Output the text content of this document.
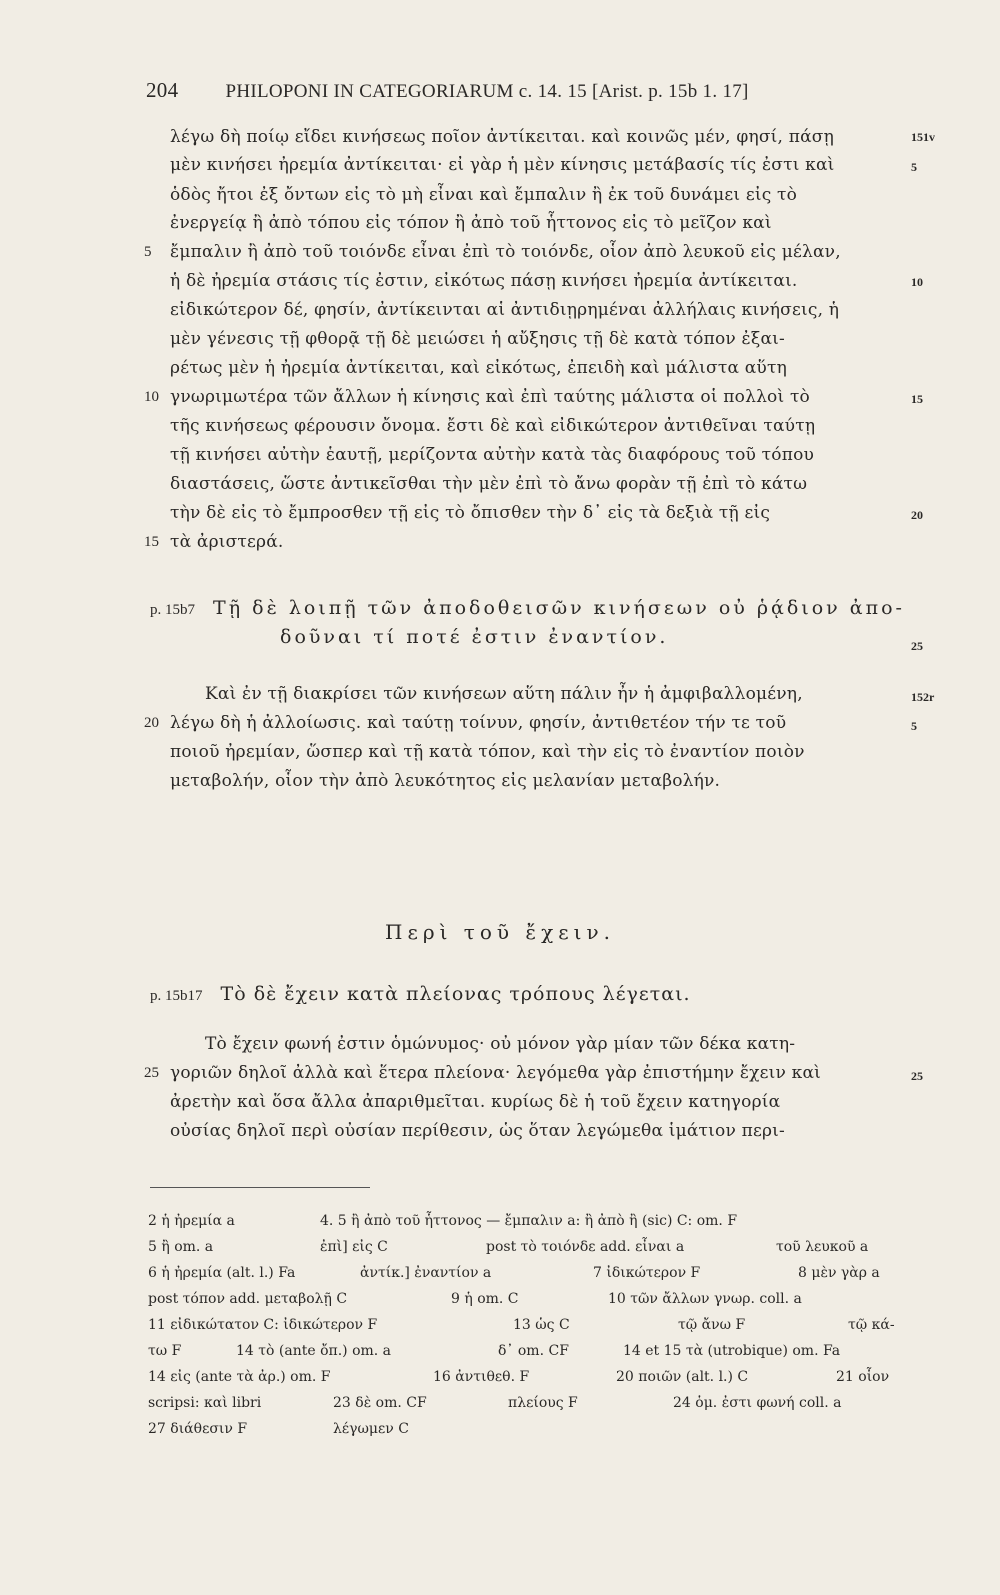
204 PHILOPONI IN CATEGORIARUM c. 14. 15 [Arist. p. 15b 1. 17]
λέγω δὴ ποίῳ εἴδει κινήσεως ποῖον ἀντίκειται. καὶ κοινῶς μέν, φησί, πάσῃ
μὲν κινήσει ἠρεμία ἀντίκειται· εἰ γὰρ ἡ μὲν κίνησις μετάβασίς τίς ἐστι καὶ
ὁδὸς ἤτοι ἐξ ὄντων εἰς τὸ μὴ εἶναι καὶ ἔμπαλιν ἢ ἐκ τοῦ δυνάμει εἰς τὸ
ἐνεργείᾳ ἢ ἀπὸ τόπου εἰς τόπον ἢ ἀπὸ τοῦ ἧττονος εἰς τὸ μεῖζον καὶ
ἔμπαλιν ἢ ἀπὸ τοῦ τοιόνδε εἶναι ἐπὶ τὸ τοιόνδε, οἷον ἀπὸ λευκοῦ εἰς μέλαν,
ἡ δὲ ἠρεμία στάσις τίς ἐστιν, εἰκότως πάσῃ κινήσει ἠρεμία ἀντίκειται.
εἰδικώτερον δέ, φησίν, ἀντίκεινται αἱ ἀντιδιῃρημέναι ἀλλήλαις κινήσεις, ἡ
μὲν γένεσις τῇ φθορᾷ τῇ δὲ μειώσει ἡ αὔξησις τῇ δὲ κατὰ τόπον ἐξαι-
ρέτως μὲν ἡ ἠρεμία ἀντίκειται, καὶ εἰκότως, ἐπειδὴ καὶ μάλιστα αὕτη
γνωριμωτέρα τῶν ἄλλων ἡ κίνησις καὶ ἐπὶ ταύτης μάλιστα οἱ πολλοὶ τὸ
τῆς κινήσεως φέρουσιν ὄνομα. ἔστι δὲ καὶ εἰδικώτερον ἀντιθεῖναι ταύτῃ
τῇ κινήσει αὐτὴν ἑαυτῇ, μερίζοντα αὐτὴν κατὰ τὰς διαφόρους τοῦ τόπου
διαστάσεις, ὥστε ἀντικεῖσθαι τὴν μὲν ἐπὶ τὸ ἄνω φορὰν τῇ ἐπὶ τὸ κάτω
τὴν δὲ εἰς τὸ ἔμπροσθεν τῇ εἰς τὸ ὄπισθεν τὴν δ᾿ εἰς τὰ δεξιὰ τῇ εἰς
τὰ ἀριστερά.
5
10
15
20
25
151v
5
10
15
20
25
152r
5
25
p. 15b7 Τῇ δὲ λοιπῇ τῶν ἀποδοθεισῶν κινήσεων οὐ ῥᾴδιον ἀπο-
δοῦναι τί ποτέ ἐστιν ἐναντίον.
Καὶ ἐν τῇ διακρίσει τῶν κινήσεων αὕτη πάλιν ἦν ἡ ἀμφιβαλλομένη,
λέγω δὴ ἡ ἀλλοίωσις. καὶ ταύτῃ τοίνυν, φησίν, ἀντιθετέον τήν τε τοῦ
ποιοῦ ἠρεμίαν, ὥσπερ καὶ τῇ κατὰ τόπον, καὶ τὴν εἰς τὸ ἐναντίον ποιὸν
μεταβολήν, οἷον τὴν ἀπὸ λευκότητος εἰς μελανίαν μεταβολήν.
Περὶ τοῦ ἔχειν.
p. 15b17 Τὸ δὲ ἔχειν κατὰ πλείονας τρόπους λέγεται.
Τὸ ἔχειν φωνή ἐστιν ὁμώνυμος· οὐ μόνον γὰρ μίαν τῶν δέκα κατη-
γοριῶν δηλοῖ ἀλλὰ καὶ ἕτερα πλείονα· λεγόμεθα γὰρ ἐπιστήμην ἔχειν καὶ
ἀρετὴν καὶ ὅσα ἄλλα ἀπαριθμεῖται. κυρίως δὲ ἡ τοῦ ἔχειν κατηγορία
οὐσίας δηλοῖ περὶ οὐσίαν περίθεσιν, ὡς ὅταν λεγώμεθα ἱμάτιον περι-
2 ἡ ἠρεμία a	4. 5 ἢ ἀπὸ τοῦ ἧττονος — ἔμπαλιν a: ἢ ἀπὸ ἢ (sic) C: om. F
5 ἢ om. a	ἐπὶ] εἰς C	post τὸ τοιόνδε add. εἶναι a	τοῦ λευκοῦ a
6 ἡ ἠρεμία (alt. l.) Fa	ἀντίκ.] ἐναντίον a	7 ἰδικώτερον F	8 μὲν γὰρ a
post τόπον add. μεταβολῇ C	9 ἡ om. C	10 τῶν ἄλλων γνωρ. coll. a
11 εἰδικώτατον C: ἰδικώτερον F	13 ὡς C	τῷ ἄνω F	τῷ κά-
τω F	14 τὸ (ante ὄπ.) om. a	δ᾿ om. CF	14 et 15 τὰ (utrobique) om. Fa
14 εἰς (ante τὰ ἀρ.) om. F	16 ἀντιθεθ. F	20 ποιῶν (alt. l.) C	21 οἷον
scripsi: καὶ libri	23 δὲ om. CF	πλείους F	24 ὁμ. ἐστι φωνή coll. a
27 διάθεσιν F	λέγωμεν C
